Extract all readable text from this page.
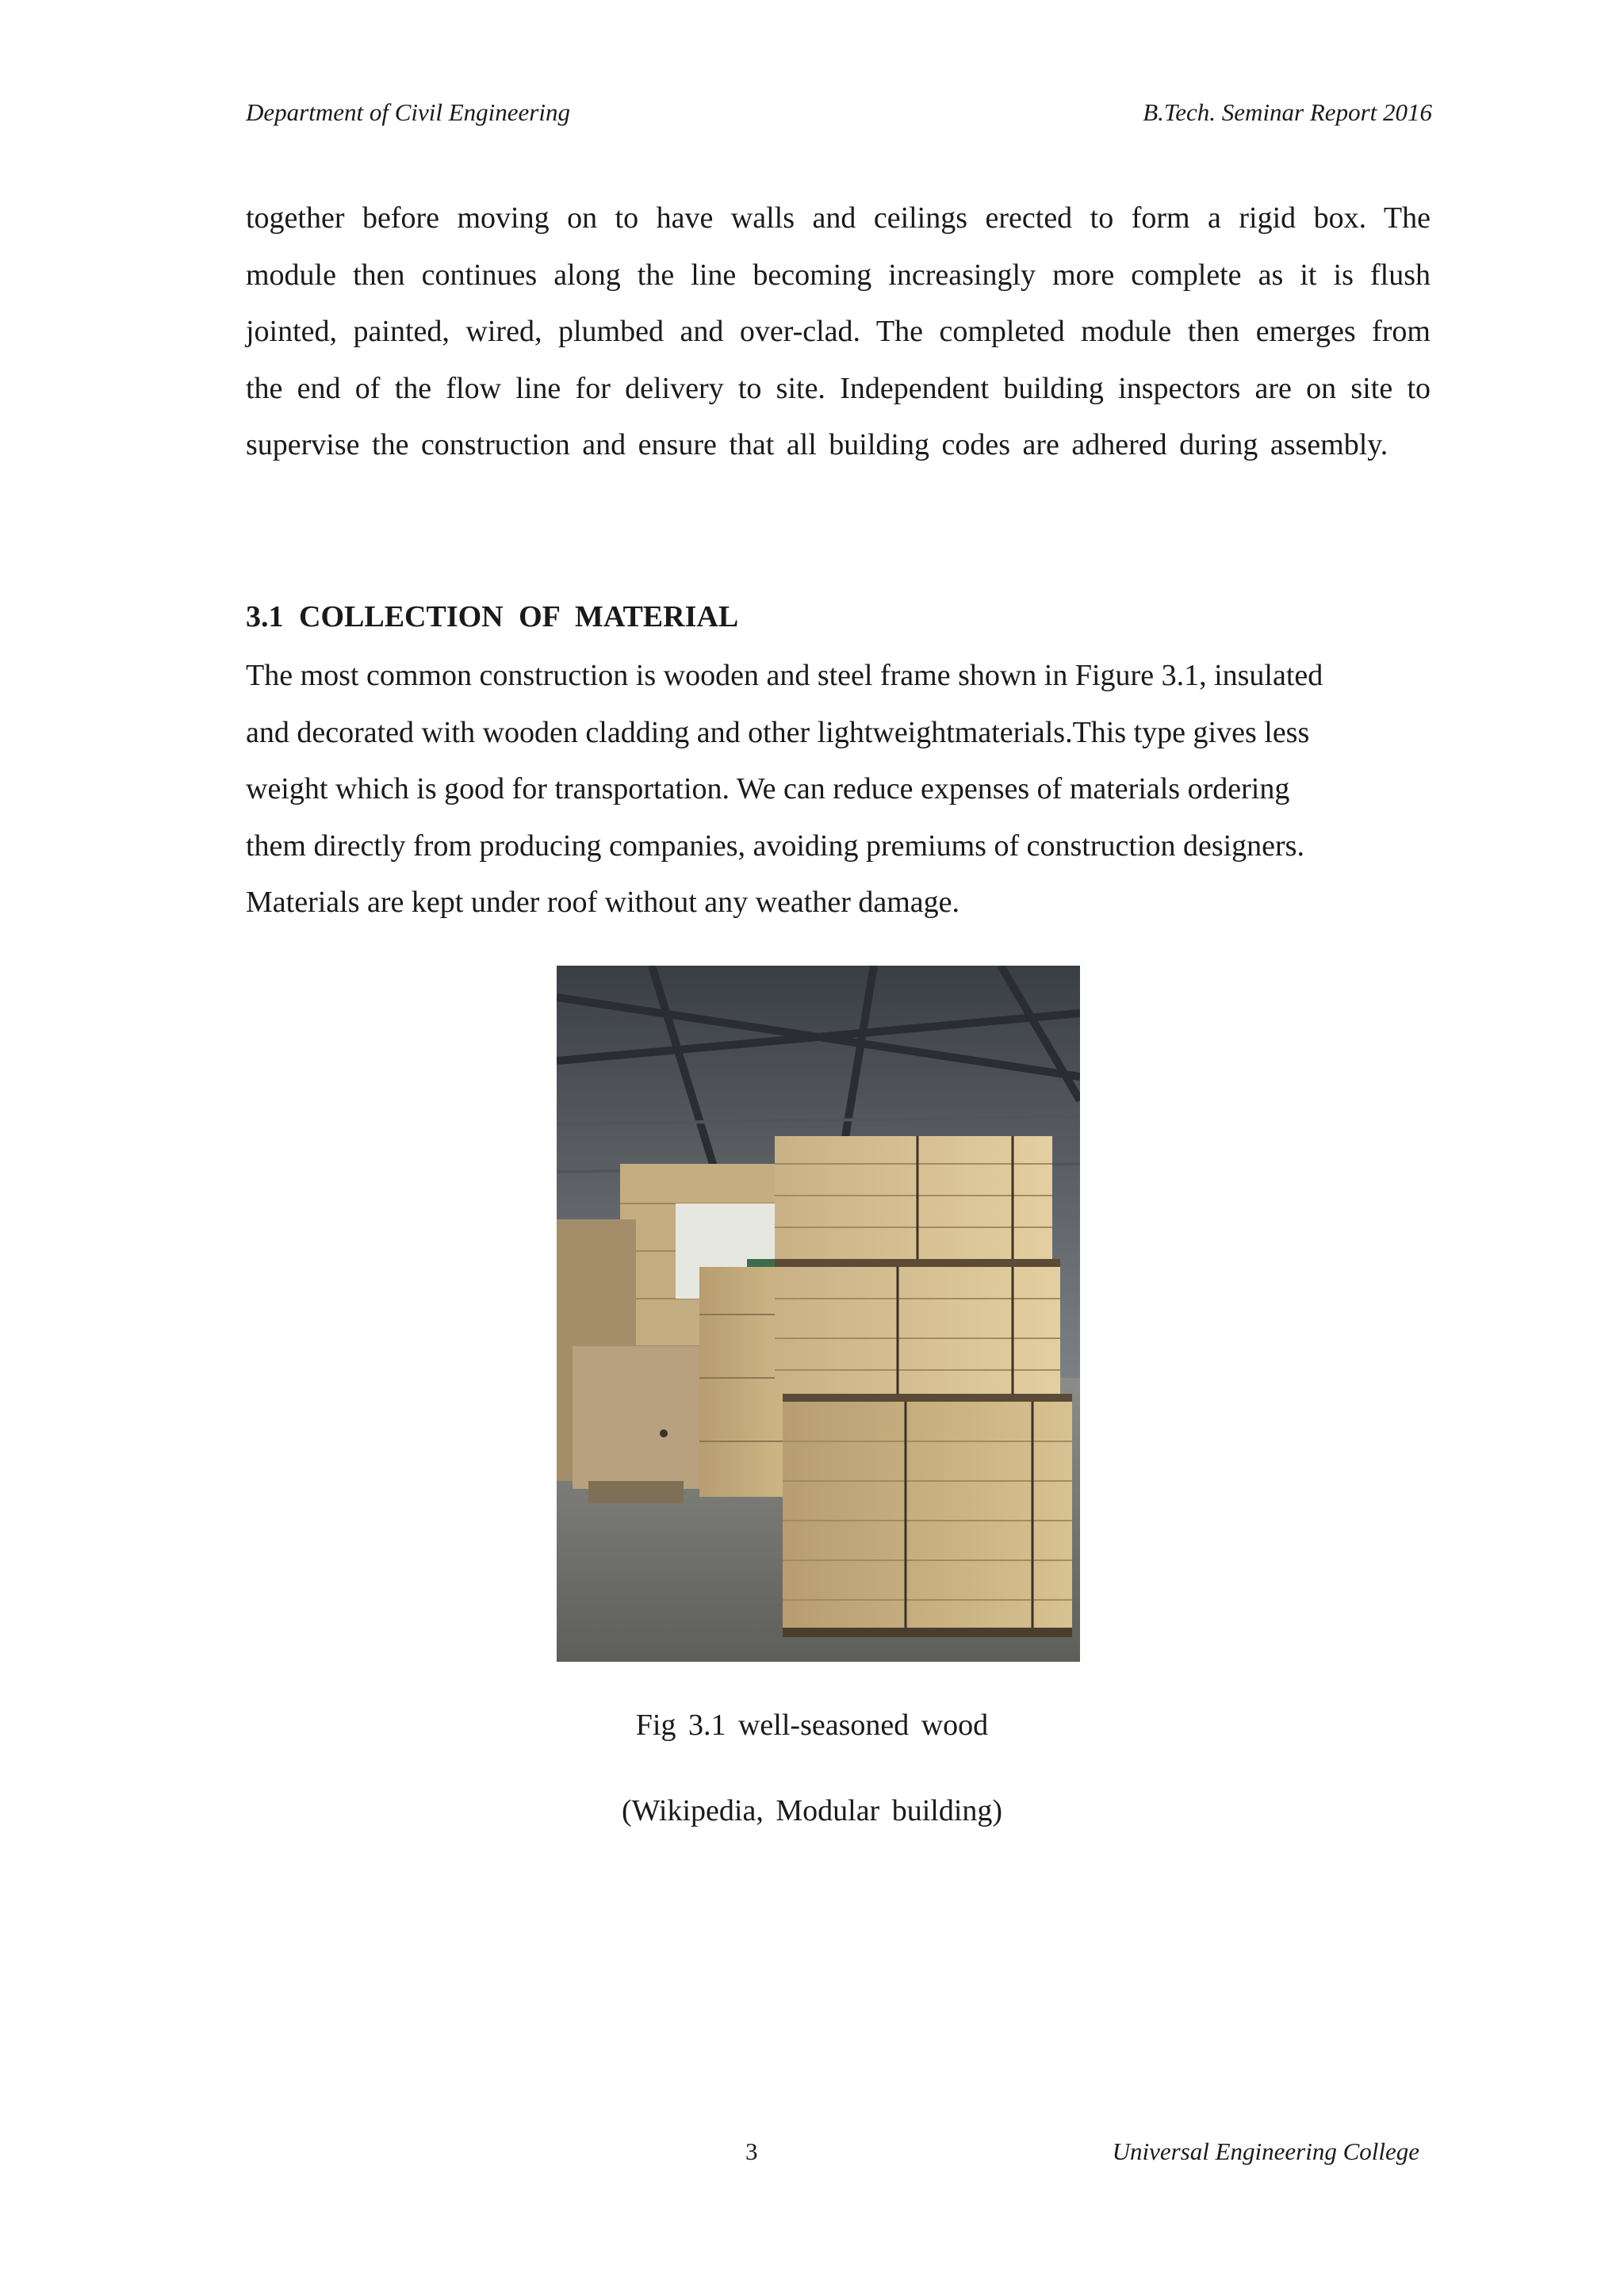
Department of Civil Engineering	B.Tech. Seminar Report 2016

together before moving on to have walls and ceilings erected to form a rigid box. The module then continues along the line becoming increasingly more complete as it is flush jointed, painted, wired, plumbed and over-clad. The completed module then emerges from the end of the flow line for delivery to site. Independent building inspectors are on site to supervise the construction and ensure that all building codes are adhered during assembly.

3.1 COLLECTION OF MATERIAL
The most common construction is wooden and steel frame shown in Figure 3.1, insulated
and decorated with wooden cladding and other lightweightmaterials.This type gives less
weight which is good for transportation. We can reduce expenses of materials ordering
them directly from producing companies, avoiding premiums of construction designers.
Materials are kept under roof without any weather damage.

Fig 3.1 well-seasoned wood

(Wikipedia, Modular building)

3	Universal Engineering College
